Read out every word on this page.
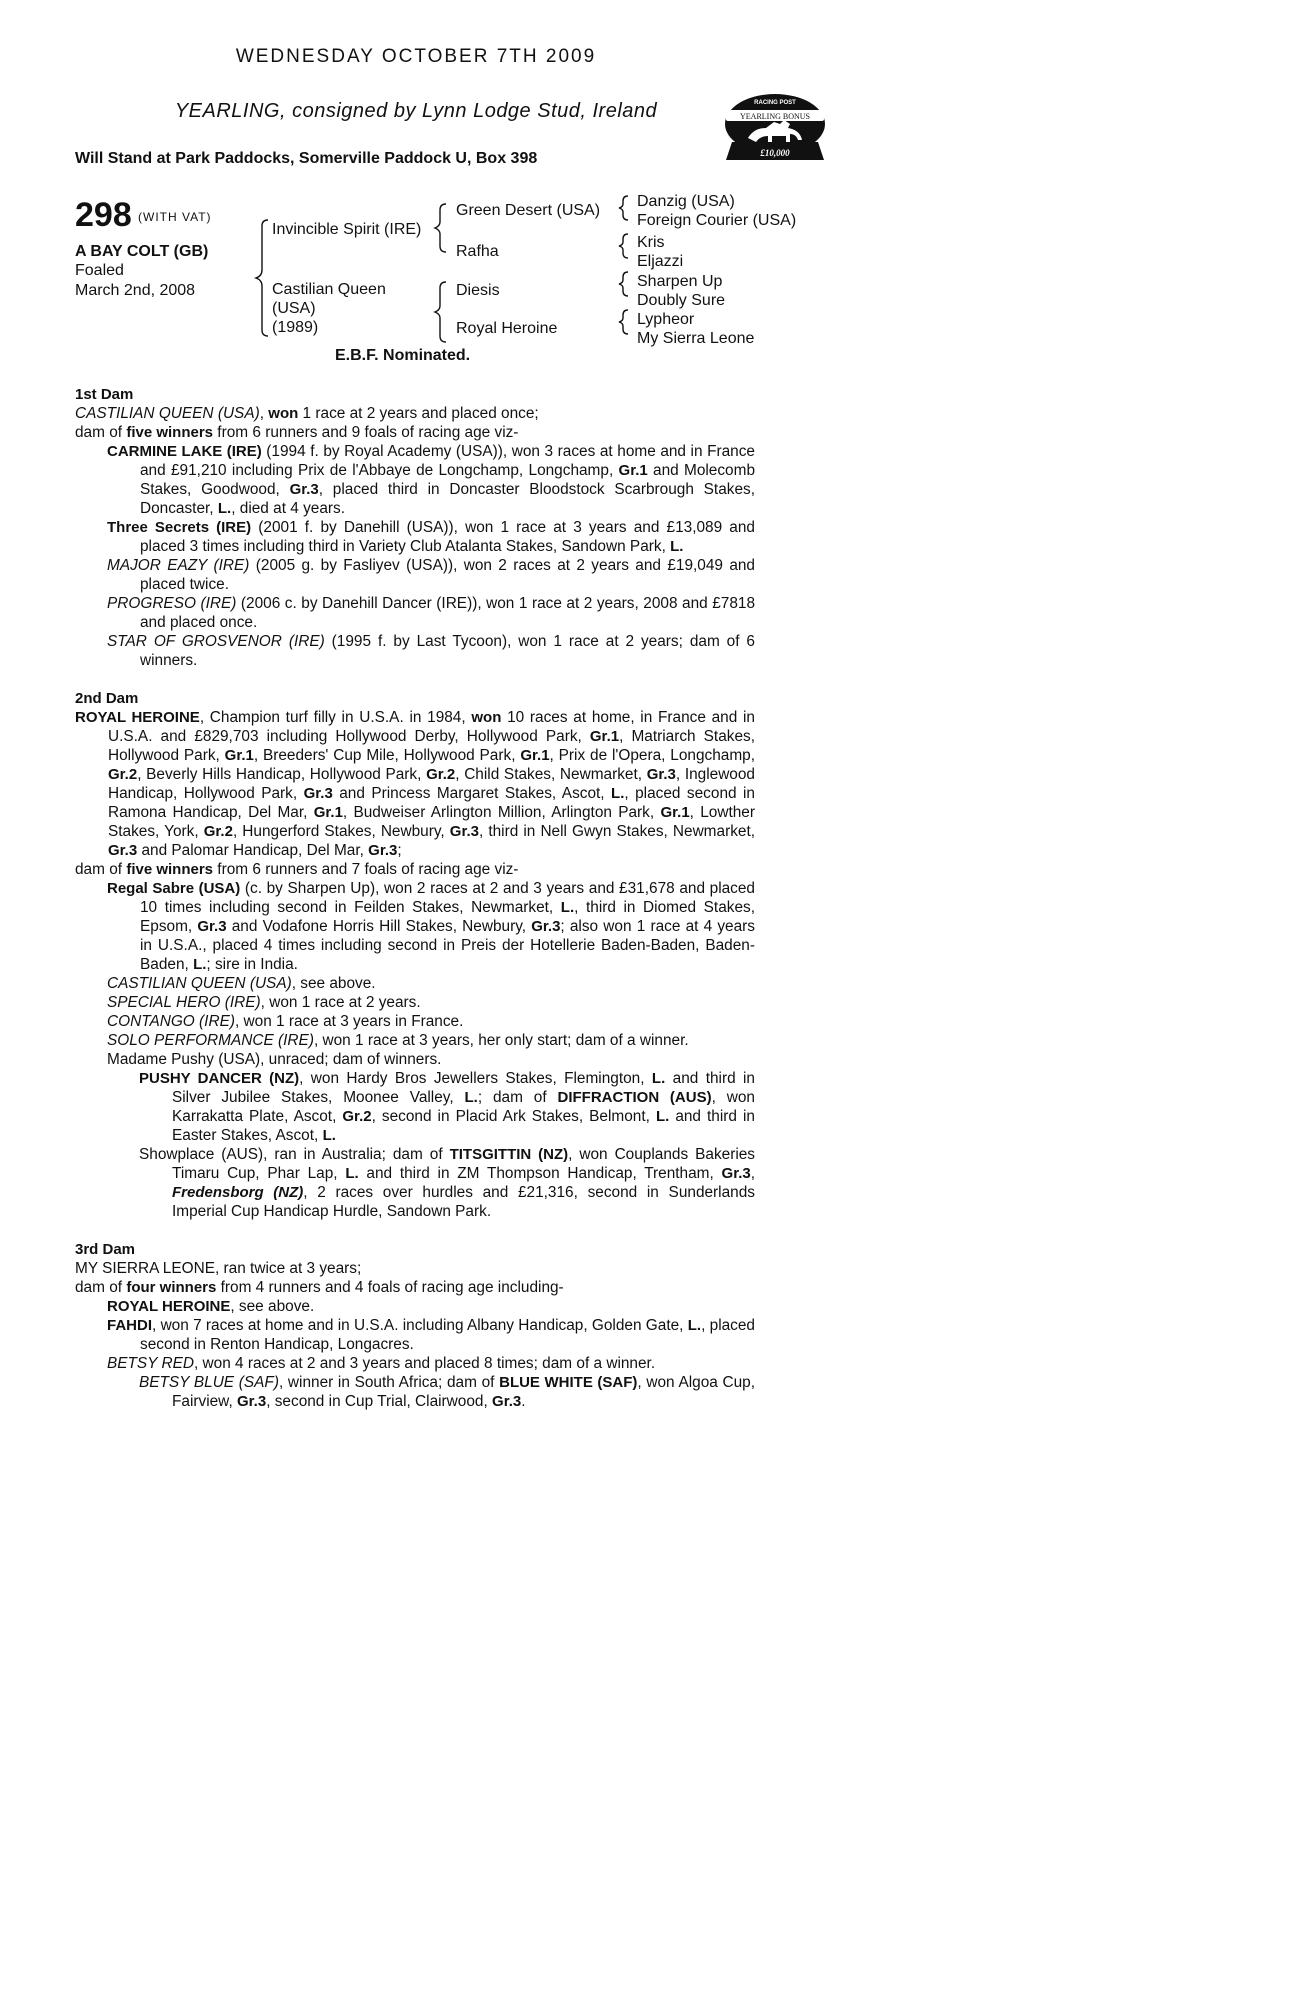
WEDNESDAY OCTOBER 7TH 2009
YEARLING, consigned by Lynn Lodge Stud, Ireland
Will Stand at Park Paddocks, Somerville Paddock U, Box 398
RACING POST
YEARLING BONUS
£10,000
298 (WITH VAT)
A BAY COLT (GB)
Foaled
March 2nd, 2008
Invincible Spirit (IRE)
Castilian Queen
(USA)
(1989)
Green Desert (USA)
Rafha
Diesis
Royal Heroine
Danzig (USA)
Foreign Courier (USA)
Kris
Eljazzi
Sharpen Up
Doubly Sure
Lypheor
My Sierra Leone
E.B.F. Nominated.

1st Dam

CASTILIAN QUEEN (USA), won 1 race at 2 years and placed once;

dam of five winners from 6 runners and 9 foals of racing age viz-

CARMINE LAKE (IRE) (1994 f. by Royal Academy (USA)), won 3 races at home and in France and £91,210 including Prix de l'Abbaye de Longchamp, Longchamp, Gr.1 and Molecomb Stakes, Goodwood, Gr.3, placed third in Doncaster Bloodstock Scarbrough Stakes, Doncaster, L., died at 4 years.

Three Secrets (IRE) (2001 f. by Danehill (USA)), won 1 race at 3 years and £13,089 and placed 3 times including third in Variety Club Atalanta Stakes, Sandown Park, L.

MAJOR EAZY (IRE) (2005 g. by Fasliyev (USA)), won 2 races at 2 years and £19,049 and placed twice.

PROGRESO (IRE) (2006 c. by Danehill Dancer (IRE)), won 1 race at 2 years, 2008 and £7818 and placed once.

STAR OF GROSVENOR (IRE) (1995 f. by Last Tycoon), won 1 race at 2 years; dam of 6 winners.

2nd Dam

ROYAL HEROINE, Champion turf filly in U.S.A. in 1984, won 10 races at home, in France and in U.S.A. and £829,703 including Hollywood Derby, Hollywood Park, Gr.1, Matriarch Stakes, Hollywood Park, Gr.1, Breeders' Cup Mile, Hollywood Park, Gr.1, Prix de l'Opera, Longchamp, Gr.2, Beverly Hills Handicap, Hollywood Park, Gr.2, Child Stakes, Newmarket, Gr.3, Inglewood Handicap, Hollywood Park, Gr.3 and Princess Margaret Stakes, Ascot, L., placed second in Ramona Handicap, Del Mar, Gr.1, Budweiser Arlington Million, Arlington Park, Gr.1, Lowther Stakes, York, Gr.2, Hungerford Stakes, Newbury, Gr.3, third in Nell Gwyn Stakes, Newmarket, Gr.3 and Palomar Handicap, Del Mar, Gr.3;

dam of five winners from 6 runners and 7 foals of racing age viz-

Regal Sabre (USA) (c. by Sharpen Up), won 2 races at 2 and 3 years and £31,678 and placed 10 times including second in Feilden Stakes, Newmarket, L., third in Diomed Stakes, Epsom, Gr.3 and Vodafone Horris Hill Stakes, Newbury, Gr.3; also won 1 race at 4 years in U.S.A., placed 4 times including second in Preis der Hotellerie Baden-Baden, Baden-Baden, L.; sire in India.

CASTILIAN QUEEN (USA), see above.

SPECIAL HERO (IRE), won 1 race at 2 years.

CONTANGO (IRE), won 1 race at 3 years in France.

SOLO PERFORMANCE (IRE), won 1 race at 3 years, her only start; dam of a winner.

Madame Pushy (USA), unraced; dam of winners.

PUSHY DANCER (NZ), won Hardy Bros Jewellers Stakes, Flemington, L. and third in Silver Jubilee Stakes, Moonee Valley, L.; dam of DIFFRACTION (AUS), won Karrakatta Plate, Ascot, Gr.2, second in Placid Ark Stakes, Belmont, L. and third in Easter Stakes, Ascot, L.

Showplace (AUS), ran in Australia; dam of TITSGITTIN (NZ), won Couplands Bakeries Timaru Cup, Phar Lap, L. and third in ZM Thompson Handicap, Trentham, Gr.3, Fredensborg (NZ), 2 races over hurdles and £21,316, second in Sunderlands Imperial Cup Handicap Hurdle, Sandown Park.

3rd Dam

MY SIERRA LEONE, ran twice at 3 years;

dam of four winners from 4 runners and 4 foals of racing age including-

ROYAL HEROINE, see above.

FAHDI, won 7 races at home and in U.S.A. including Albany Handicap, Golden Gate, L., placed second in Renton Handicap, Longacres.

BETSY RED, won 4 races at 2 and 3 years and placed 8 times; dam of a winner.

BETSY BLUE (SAF), winner in South Africa; dam of BLUE WHITE (SAF), won Algoa Cup, Fairview, Gr.3, second in Cup Trial, Clairwood, Gr.3.
